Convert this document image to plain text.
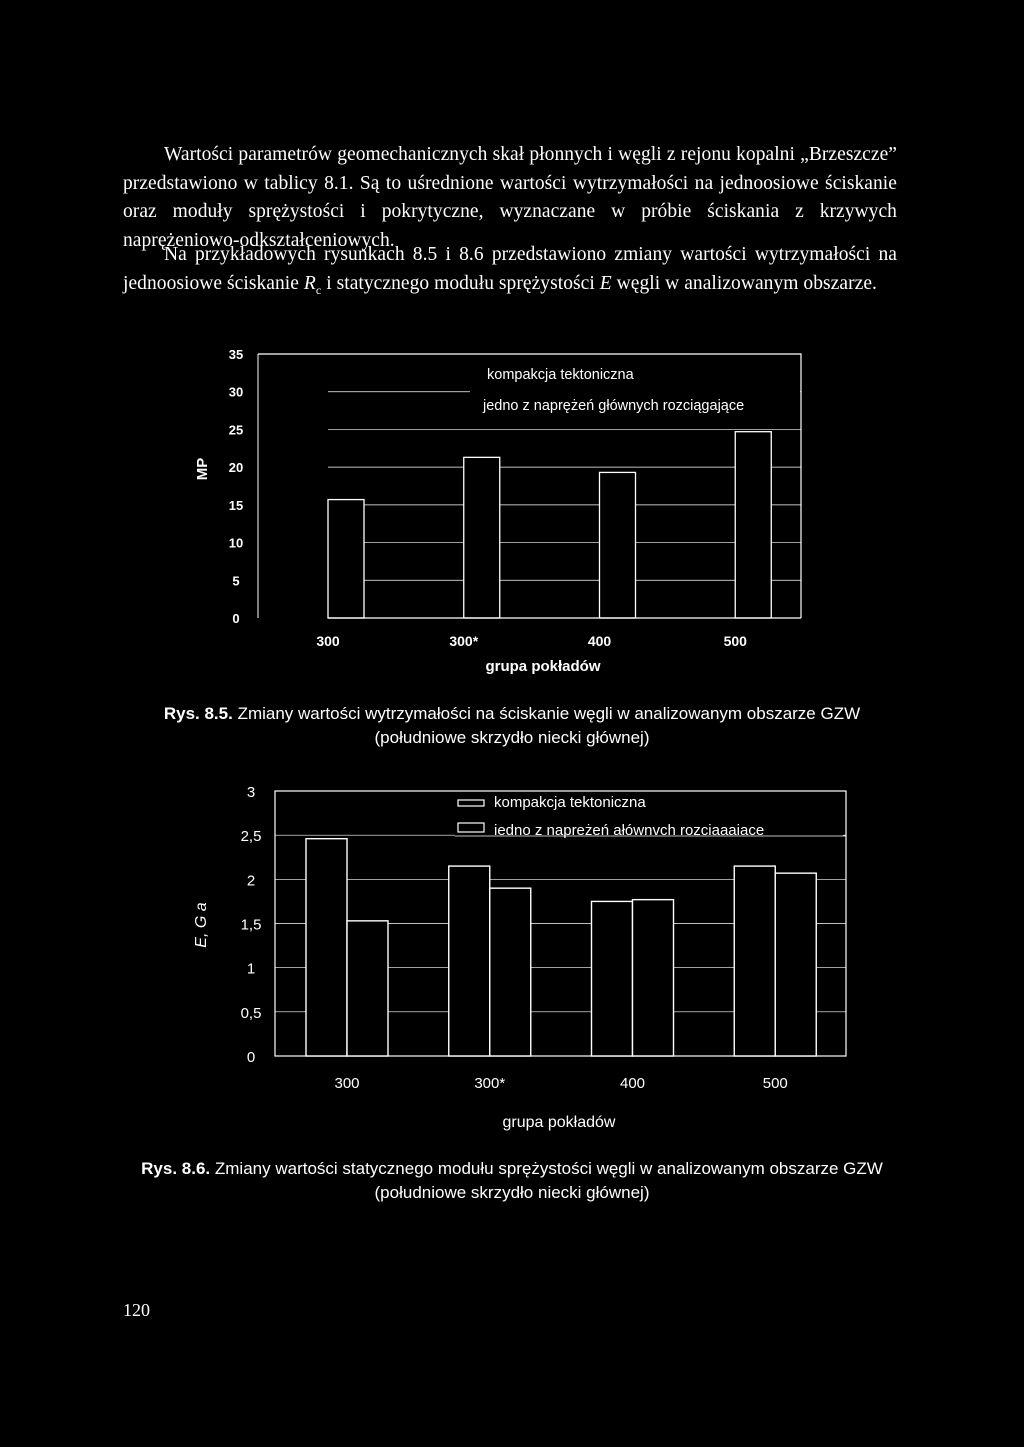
Wartości parametrów geomechanicznych skał płonnych i węgli z rejonu kopalni „Brzeszcze” przedstawiono w tablicy 8.1. Są to uśrednione wartości wytrzymałości na jednoosiowe ściskanie oraz moduły sprężystości i pokrytyczne, wyznaczane w próbie ściskania z krzywych naprężeniowo-odkształceniowych.
Na przykładowych rysunkach 8.5 i 8.6 przedstawiono zmiany wartości wytrzymałości na jednoosiowe ściskanie $R_c$ i statycznego modułu sprężystości E węgli w analizowanym obszarze.
0
5
10
15
20
25
30
35
300	300*	400	500
kompakcja tektoniczna
jedno z naprężeń głównych rozciągające
grupa pokładów
MP
Rys. 8.5. Zmiany wartości wytrzymałości na ściskanie węgli w analizowanym obszarze GZW
(południowe skrzydło niecki głównej)
0
0,5
1
1,5
2
2,5
3
kompakcja tektoniczna
iedno z napreżeń ałównvch rozciaaaiace
300	300*	400	500
grupa pokładów
E, G a
Rys. 8.6. Zmiany wartości statycznego modułu sprężystości węgli w analizowanym obszarze GZW
(południowe skrzydło niecki głównej)
120
